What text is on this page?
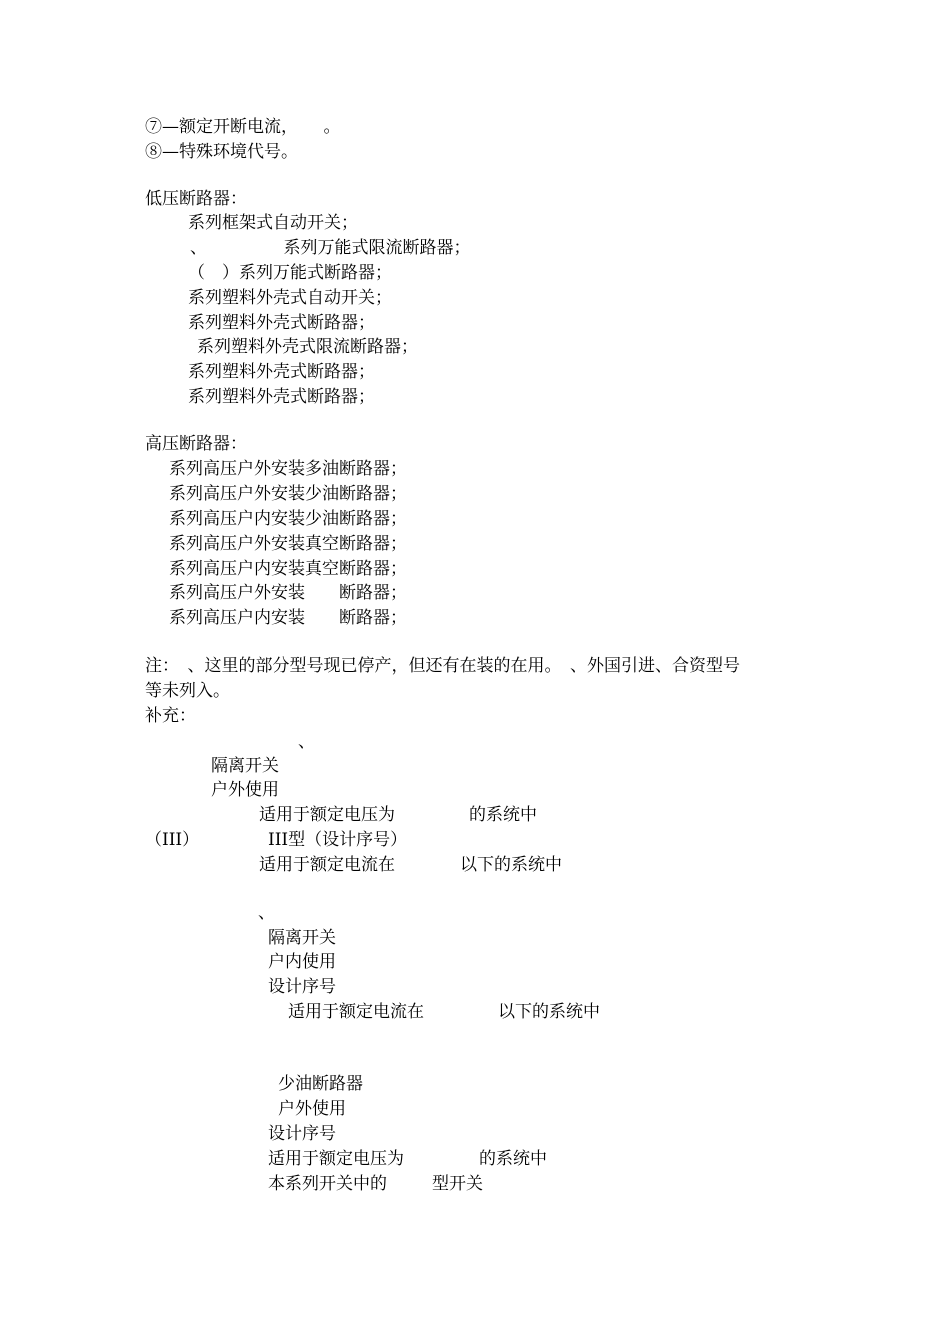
⑦—额定开断电流，　　。
⑧—特殊环境代号。
低压断路器：
系列框架式自动开关；
、　　　　　系列万能式限流断路器；
（　）系列万能式断路器；
系列塑料外壳式自动开关；
系列塑料外壳式断路器；
系列塑料外壳式限流断路器；
系列塑料外壳式断路器；
系列塑料外壳式断路器；
高压断路器：
系列高压户外安装多油断路器；
系列高压户外安装少油断路器；
系列高压户内安装少油断路器；
系列高压户外安装真空断路器；
系列高压户内安装真空断路器；
系列高压户外安装　　断路器；
系列高压户内安装　　断路器；
注：　、这里的部分型号现已停产，但还有在装的在用。　、外国引进、合资型号
等未列入。
补充：
、
隔离开关
户外使用
适用于额定电压为	的系统中
（III）	III型（设计序号）
适用于额定电流在	以下的系统中
、
隔离开关
户内使用
设计序号
适用于额定电流在	以下的系统中
少油断路器
户外使用
设计序号
适用于额定电压为	的系统中
本系列开关中的	型开关
